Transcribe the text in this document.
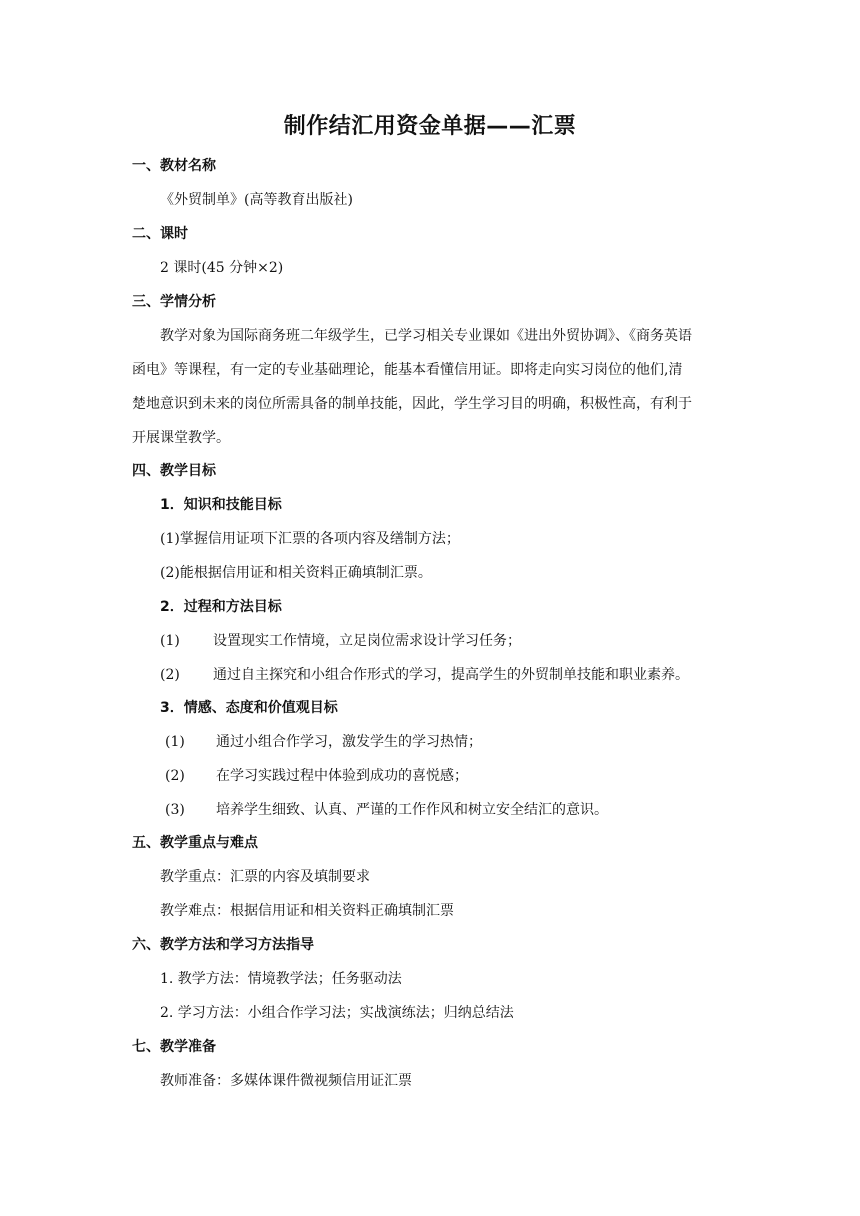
制作结汇用资金单据——汇票
一、教材名称
《外贸制单》(高等教育出版社)
二、课时
2 课时(45 分钟×2)
三、学情分析
教学对象为国际商务班二年级学生，已学习相关专业课如《进出外贸协调》、《商务英语
函电》等课程，有一定的专业基础理论，能基本看懂信用证。即将走向实习岗位的他们,清
楚地意识到未来的岗位所需具备的制单技能，因此，学生学习目的明确，积极性高，有利于
开展课堂教学。
四、教学目标
1．知识和技能目标
(1)掌握信用证项下汇票的各项内容及缮制方法；
(2)能根据信用证和相关资料正确填制汇票。
2．过程和方法目标
(1) 设置现实工作情境，立足岗位需求设计学习任务；
(2) 通过自主探究和小组合作形式的学习，提高学生的外贸制单技能和职业素养。
3．情感、态度和价值观目标
(1) 通过小组合作学习，激发学生的学习热情；
(2) 在学习实践过程中体验到成功的喜悦感；
(3) 培养学生细致、认真、严谨的工作作风和树立安全结汇的意识。
五、教学重点与难点
教学重点：汇票的内容及填制要求
教学难点：根据信用证和相关资料正确填制汇票
六、教学方法和学习方法指导
1. 教学方法：情境教学法；任务驱动法
2. 学习方法：小组合作学习法；实战演练法；归纳总结法
七、教学准备
教师准备：多媒体课件微视频信用证汇票
